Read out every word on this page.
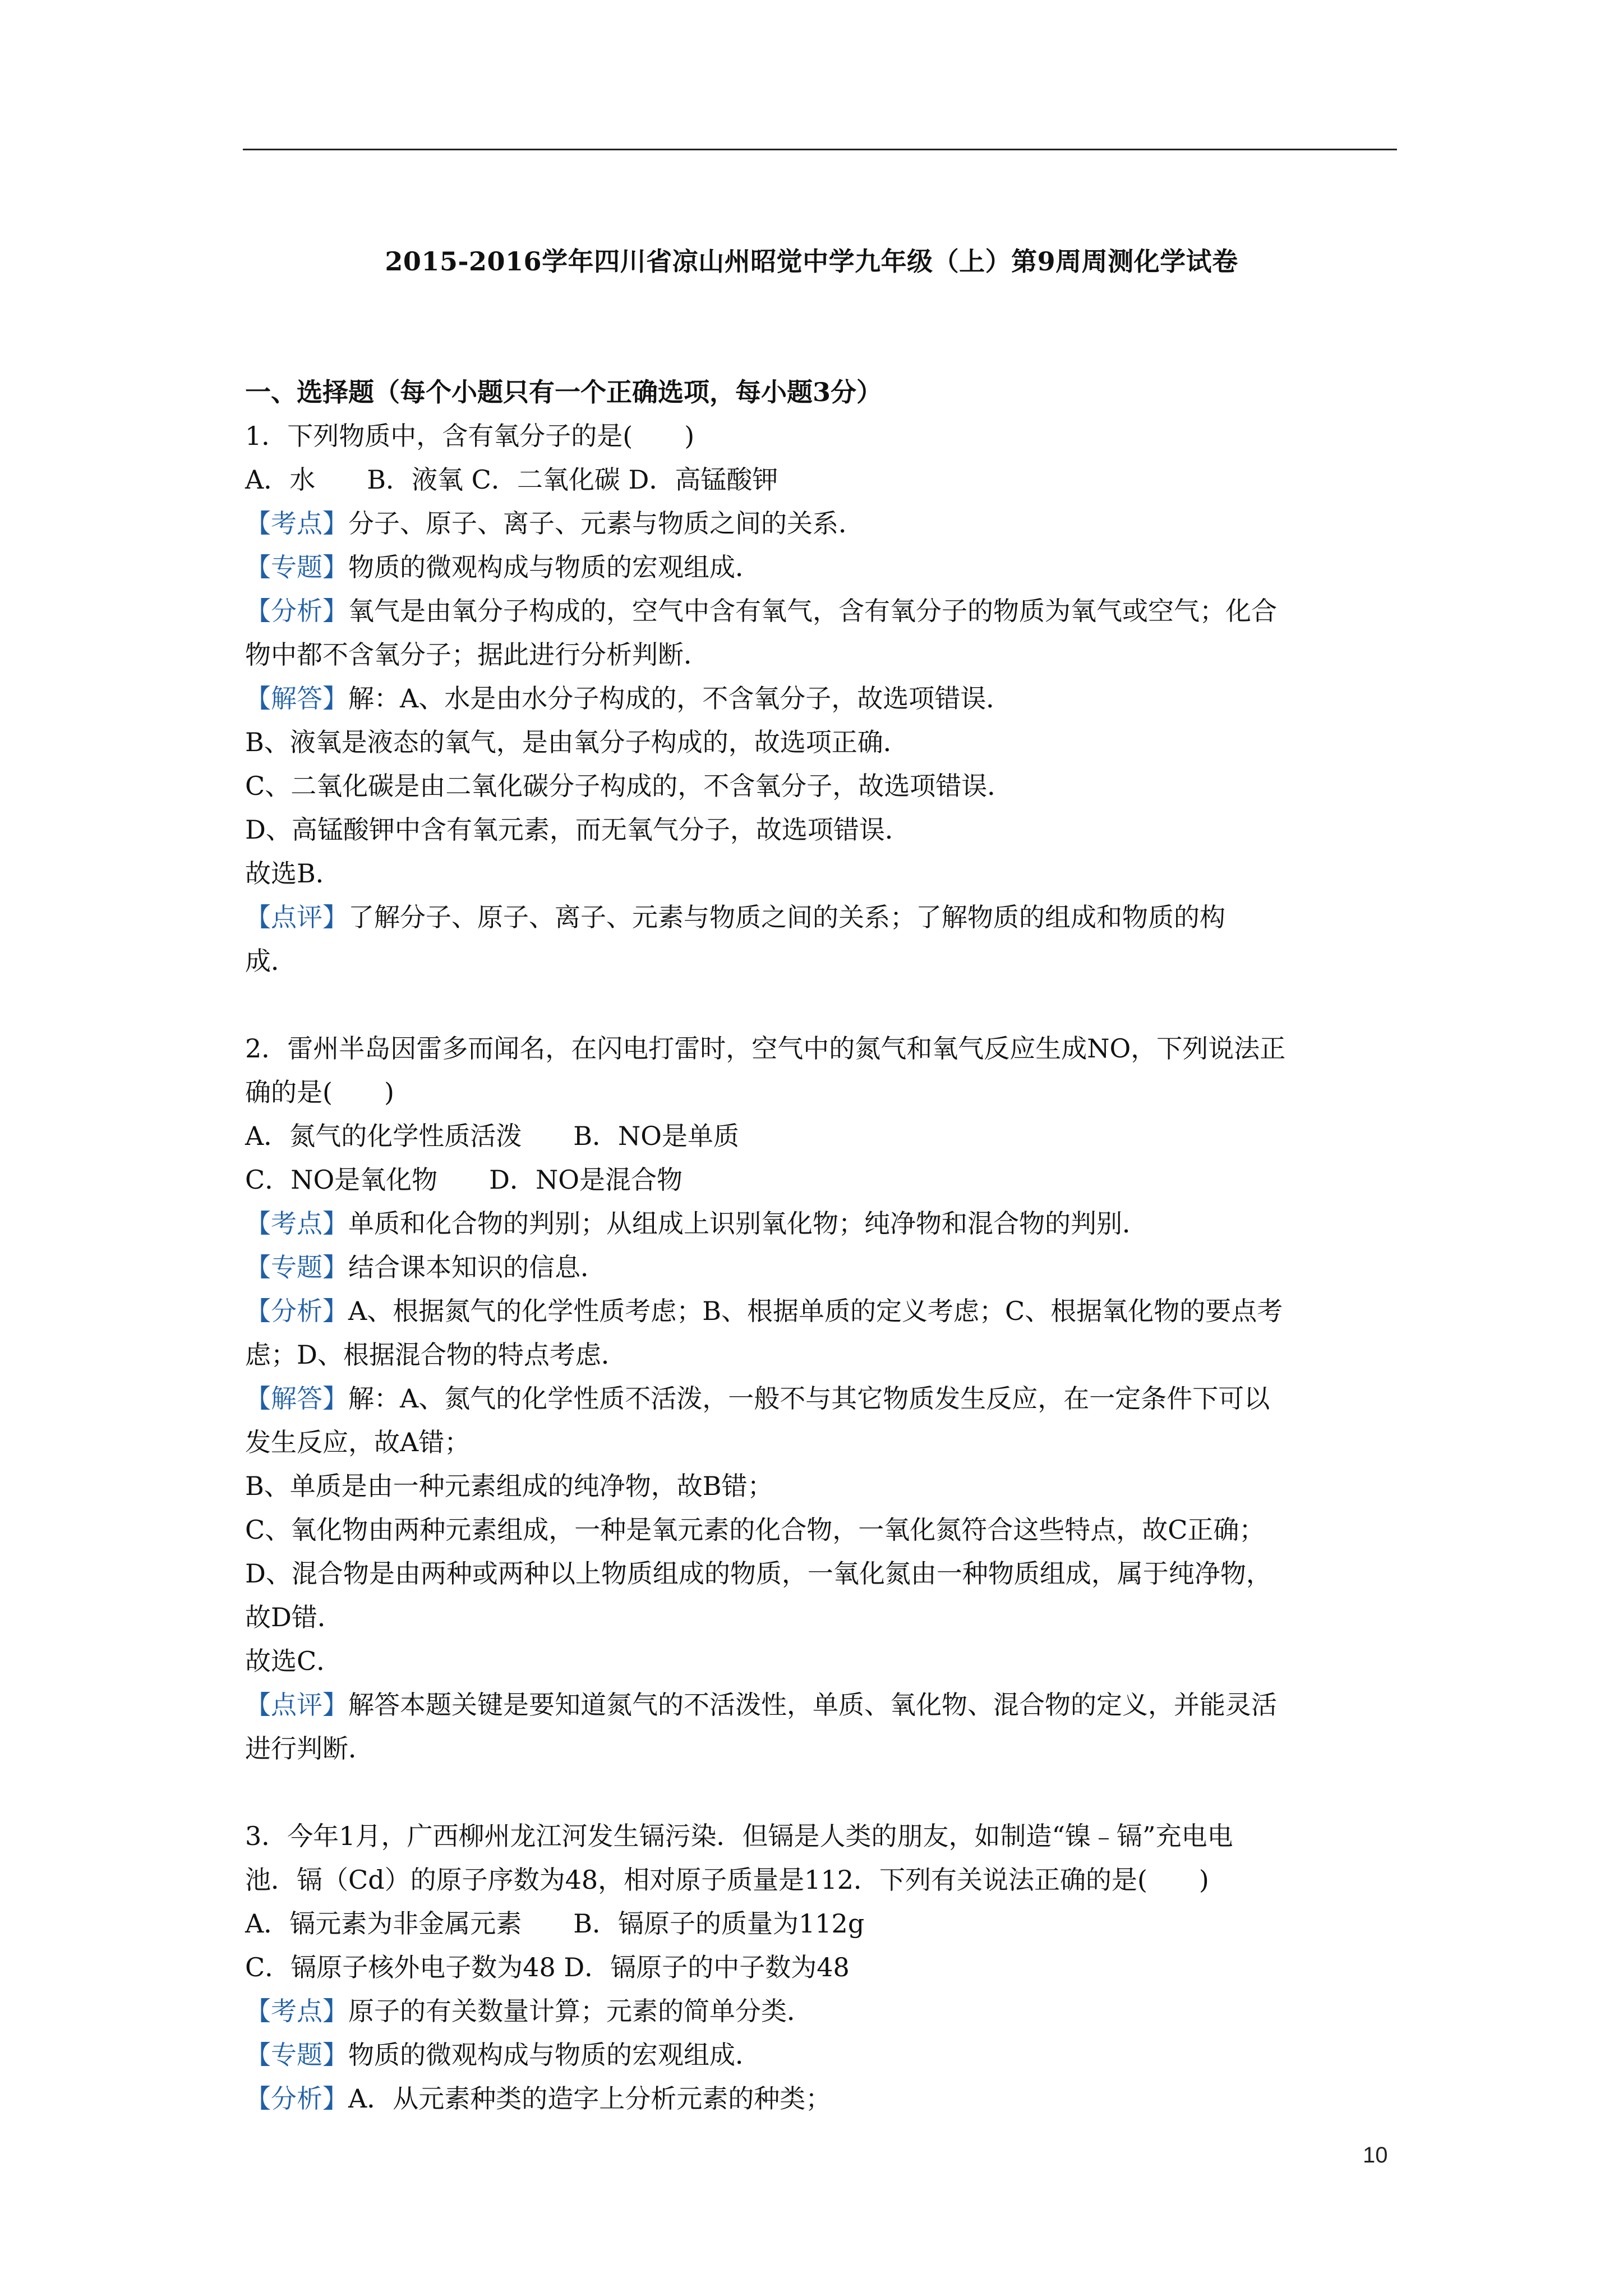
2015-2016学年四川省凉山州昭觉中学九年级（上）第9周周测化学试卷
一、选择题（每个小题只有一个正确选项，每小题3分）
1．下列物质中，含有氧分子的是(　　)
A．水　　B．液氧 C．二氧化碳 D．高锰酸钾
【考点】分子、原子、离子、元素与物质之间的关系．
【专题】物质的微观构成与物质的宏观组成．
【分析】氧气是由氧分子构成的，空气中含有氧气，含有氧分子的物质为氧气或空气；化合
物中都不含氧分子；据此进行分析判断．
【解答】解：A、水是由水分子构成的，不含氧分子，故选项错误．
B、液氧是液态的氧气，是由氧分子构成的，故选项正确．
C、二氧化碳是由二氧化碳分子构成的，不含氧分子，故选项错误．
D、高锰酸钾中含有氧元素，而无氧气分子，故选项错误．
故选B．
【点评】了解分子、原子、离子、元素与物质之间的关系；了解物质的组成和物质的构
成．
2．雷州半岛因雷多而闻名，在闪电打雷时，空气中的氮气和氧气反应生成NO，下列说法正
确的是(　　)
A．氮气的化学性质活泼　　B．NO是单质
C．NO是氧化物　　D．NO是混合物
【考点】单质和化合物的判别；从组成上识别氧化物；纯净物和混合物的判别．
【专题】结合课本知识的信息．
【分析】A、根据氮气的化学性质考虑；B、根据单质的定义考虑；C、根据氧化物的要点考
虑；D、根据混合物的特点考虑．
【解答】解：A、氮气的化学性质不活泼，一般不与其它物质发生反应，在一定条件下可以
发生反应，故A错；
B、单质是由一种元素组成的纯净物，故B错；
C、氧化物由两种元素组成，一种是氧元素的化合物，一氧化氮符合这些特点，故C正确；
D、混合物是由两种或两种以上物质组成的物质，一氧化氮由一种物质组成，属于纯净物，
故D错．
故选C．
【点评】解答本题关键是要知道氮气的不活泼性，单质、氧化物、混合物的定义，并能灵活
进行判断．
3．今年1月，广西柳州龙江河发生镉污染．但镉是人类的朋友，如制造“镍﹣镉”充电电
池．镉（Cd）的原子序数为48，相对原子质量是112．下列有关说法正确的是(　　)
A．镉元素为非金属元素　　B．镉原子的质量为112g
C．镉原子核外电子数为48 D．镉原子的中子数为48
【考点】原子的有关数量计算；元素的简单分类．
【专题】物质的微观构成与物质的宏观组成．
【分析】A．从元素种类的造字上分析元素的种类；
10
